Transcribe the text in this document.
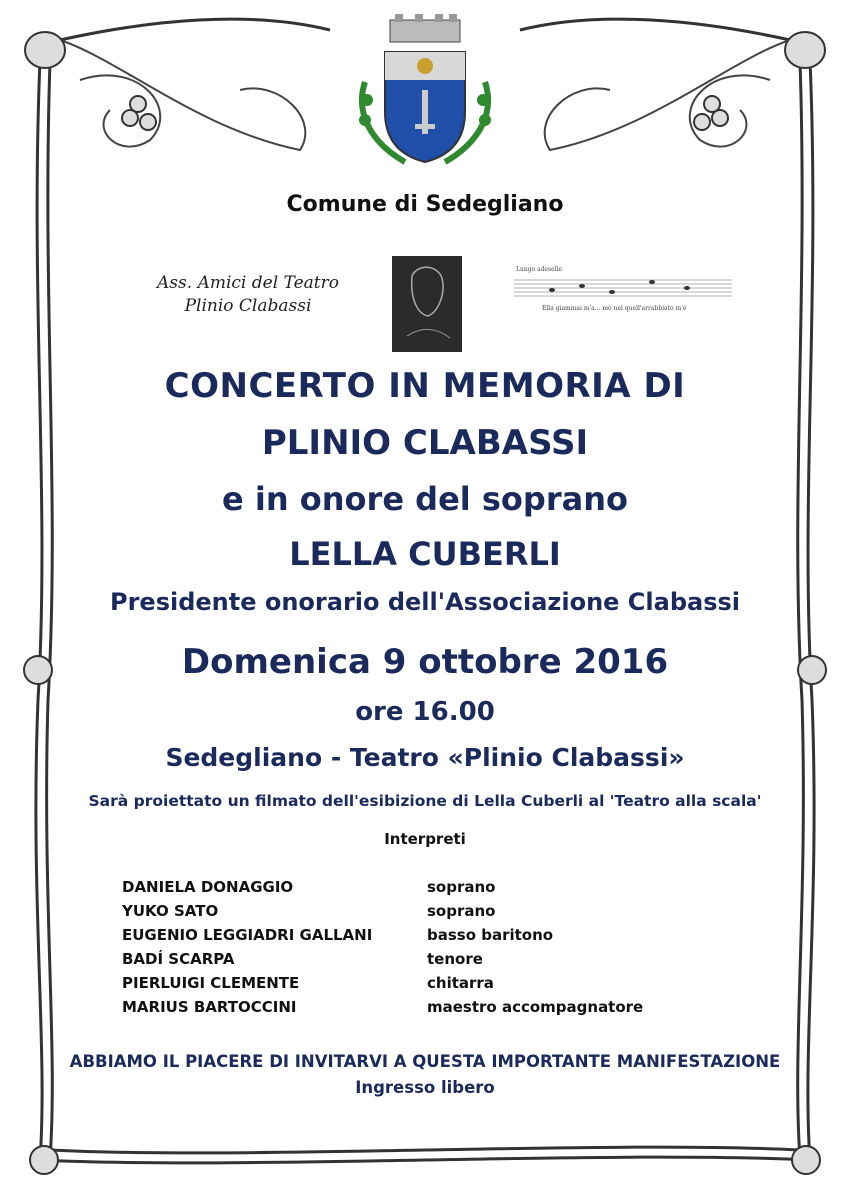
Comune di Sedegliano
Ass. Amici del Teatro
Plinio Clabassi
Lungo adeselle
Ella giammai m'a... mò nel quell'arrabbiato m'è
CONCERTO IN MEMORIA DI
PLINIO CLABASSI
e in onore del soprano
LELLA CUBERLI
Presidente onorario dell'Associazione Clabassi
Domenica 9 ottobre 2016
ore 16.00
Sedegliano - Teatro «Plinio Clabassi»
Sarà proiettato un filmato dell'esibizione di Lella Cuberli al 'Teatro alla scala'
Interpreti
DANIELA DONAGGIO	soprano
YUKO SATO	soprano
EUGENIO LEGGIADRI GALLANI	basso baritono
BADÍ SCARPA	tenore
PIERLUIGI CLEMENTE	chitarra
MARIUS BARTOCCINI	maestro accompagnatore
ABBIAMO IL PIACERE DI INVITARVI A QUESTA IMPORTANTE MANIFESTAZIONE
Ingresso libero
